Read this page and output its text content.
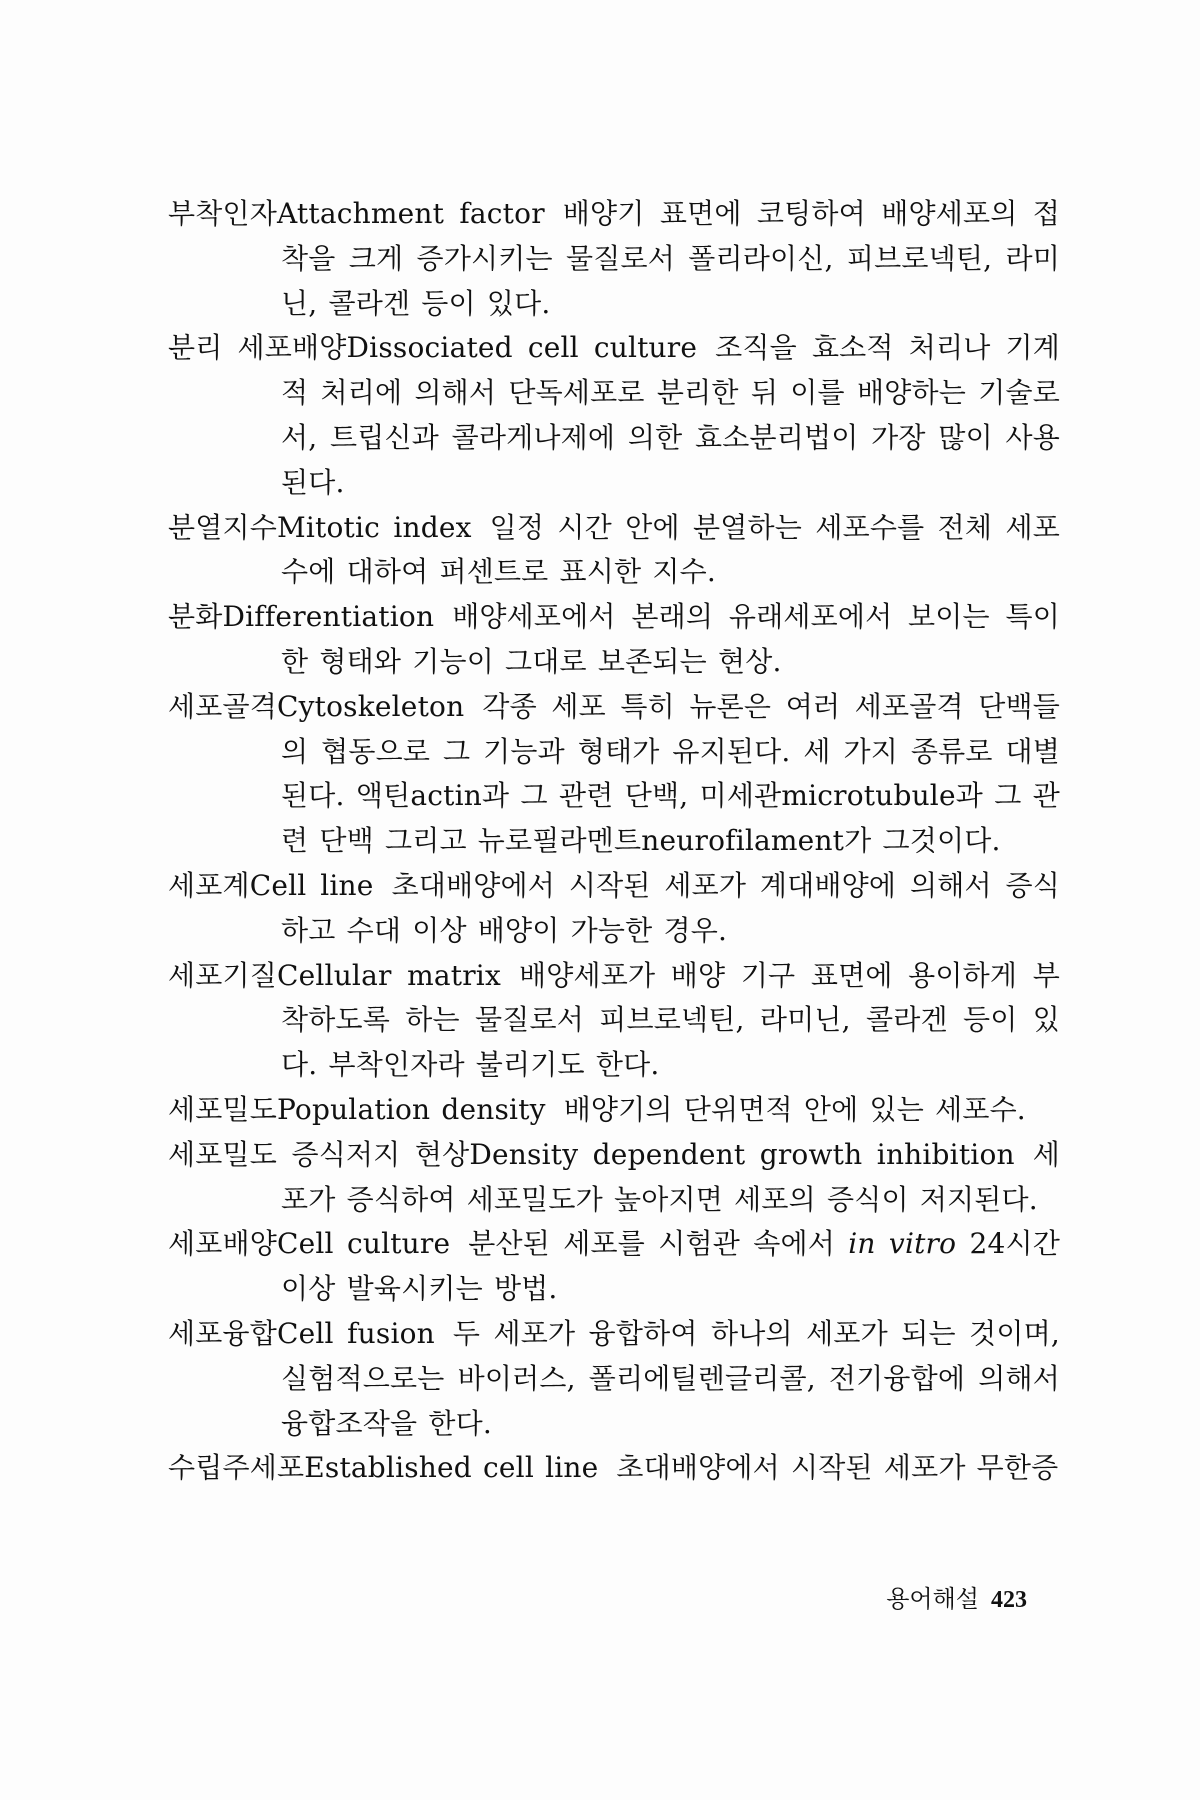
부착인자Attachment factor 배양기 표면에 코팅하여 배양세포의 접착을 크게 증가시키는 물질로서 폴리라이신, 피브로넥틴, 라미닌, 콜라겐 등이 있다.

분리 세포배양Dissociated cell culture 조직을 효소적 처리나 기계적 처리에 의해서 단독세포로 분리한 뒤 이를 배양하는 기술로서, 트립신과 콜라게나제에 의한 효소분리법이 가장 많이 사용된다.

분열지수Mitotic index 일정 시간 안에 분열하는 세포수를 전체 세포수에 대하여 퍼센트로 표시한 지수.

분화Differentiation 배양세포에서 본래의 유래세포에서 보이는 특이한 형태와 기능이 그대로 보존되는 현상.

세포골격Cytoskeleton 각종 세포 특히 뉴론은 여러 세포골격 단백들의 협동으로 그 기능과 형태가 유지된다. 세 가지 종류로 대별된다. 액틴actin과 그 관련 단백, 미세관microtubule과 그 관련 단백 그리고 뉴로필라멘트neurofilament가 그것이다.

세포계Cell line 초대배양에서 시작된 세포가 계대배양에 의해서 증식하고 수대 이상 배양이 가능한 경우.

세포기질Cellular matrix 배양세포가 배양 기구 표면에 용이하게 부착하도록 하는 물질로서 피브로넥틴, 라미닌, 콜라겐 등이 있다. 부착인자라 불리기도 한다.

세포밀도Population density 배양기의 단위면적 안에 있는 세포수.

세포밀도 증식저지 현상Density dependent growth inhibition 세포가 증식하여 세포밀도가 높아지면 세포의 증식이 저지된다.

세포배양Cell culture 분산된 세포를 시험관 속에서 in vitro 24시간 이상 발육시키는 방법.

세포융합Cell fusion 두 세포가 융합하여 하나의 세포가 되는 것이며, 실험적으로는 바이러스, 폴리에틸렌글리콜, 전기융합에 의해서 융합조작을 한다.

수립주세포Established cell line 초대배양에서 시작된 세포가 무한증

용어해설 423
